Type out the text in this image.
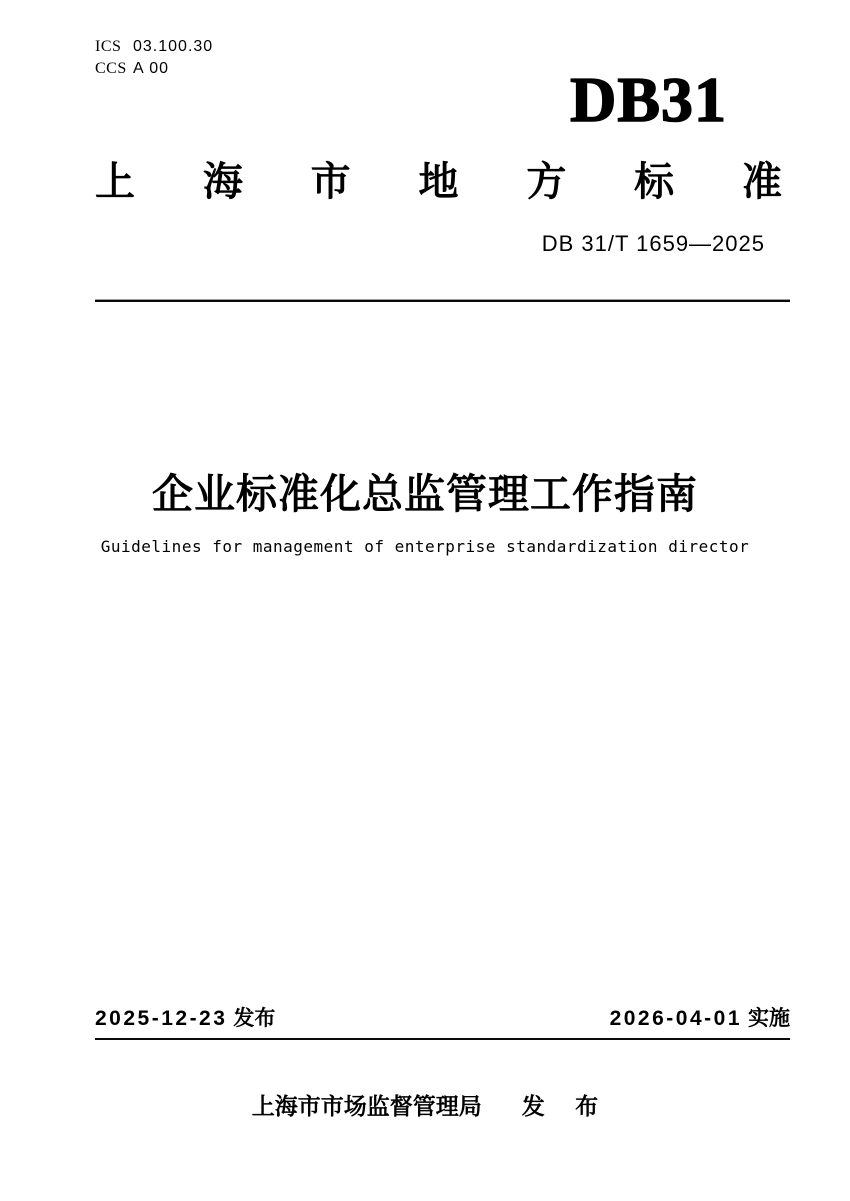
ICS 03.100.30
CCS A 00	DB31
上 海 市 地 方 标 准
DB 31/T 1659—2025
企业标准化总监管理工作指南
Guidelines for management of enterprise standardization director
2025-12-23 发布	2026-04-01 实施
上海市市场监督管理局 发 布
